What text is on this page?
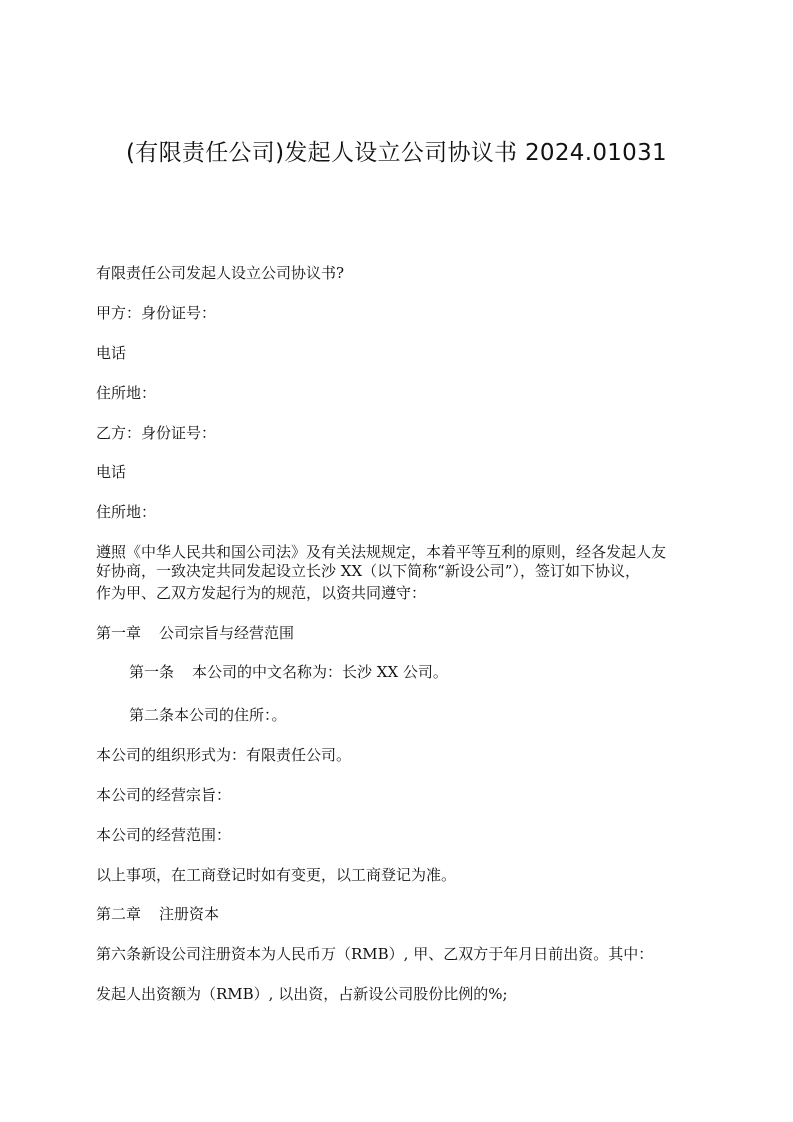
(有限责任公司)发起人设立公司协议书 2024.01031

有限责任公司发起人设立公司协议书?

甲方：身份证号：

电话

住所地：

乙方：身份证号：

电话

住所地：

遵照《中华人民共和国公司法》及有关法规规定，本着平等互利的原则，经各发起人友

好协商，一致决定共同发起设立长沙 XX（以下简称“新设公司”），签订如下协议，

作为甲、乙双方发起行为的规范，以资共同遵守：

第一章 公司宗旨与经营范围

第一条 本公司的中文名称为：长沙 XX 公司。

第二条本公司的住所：。

本公司的组织形式为：有限责任公司。

本公司的经营宗旨：

本公司的经营范围：

以上事项，在工商登记时如有变更，以工商登记为准。

第二章 注册资本

第六条新设公司注册资本为人民币万（RMB）, 甲、乙双方于年月日前出资。其中：

发起人出资额为（RMB）, 以出资，占新设公司股份比例的%;
